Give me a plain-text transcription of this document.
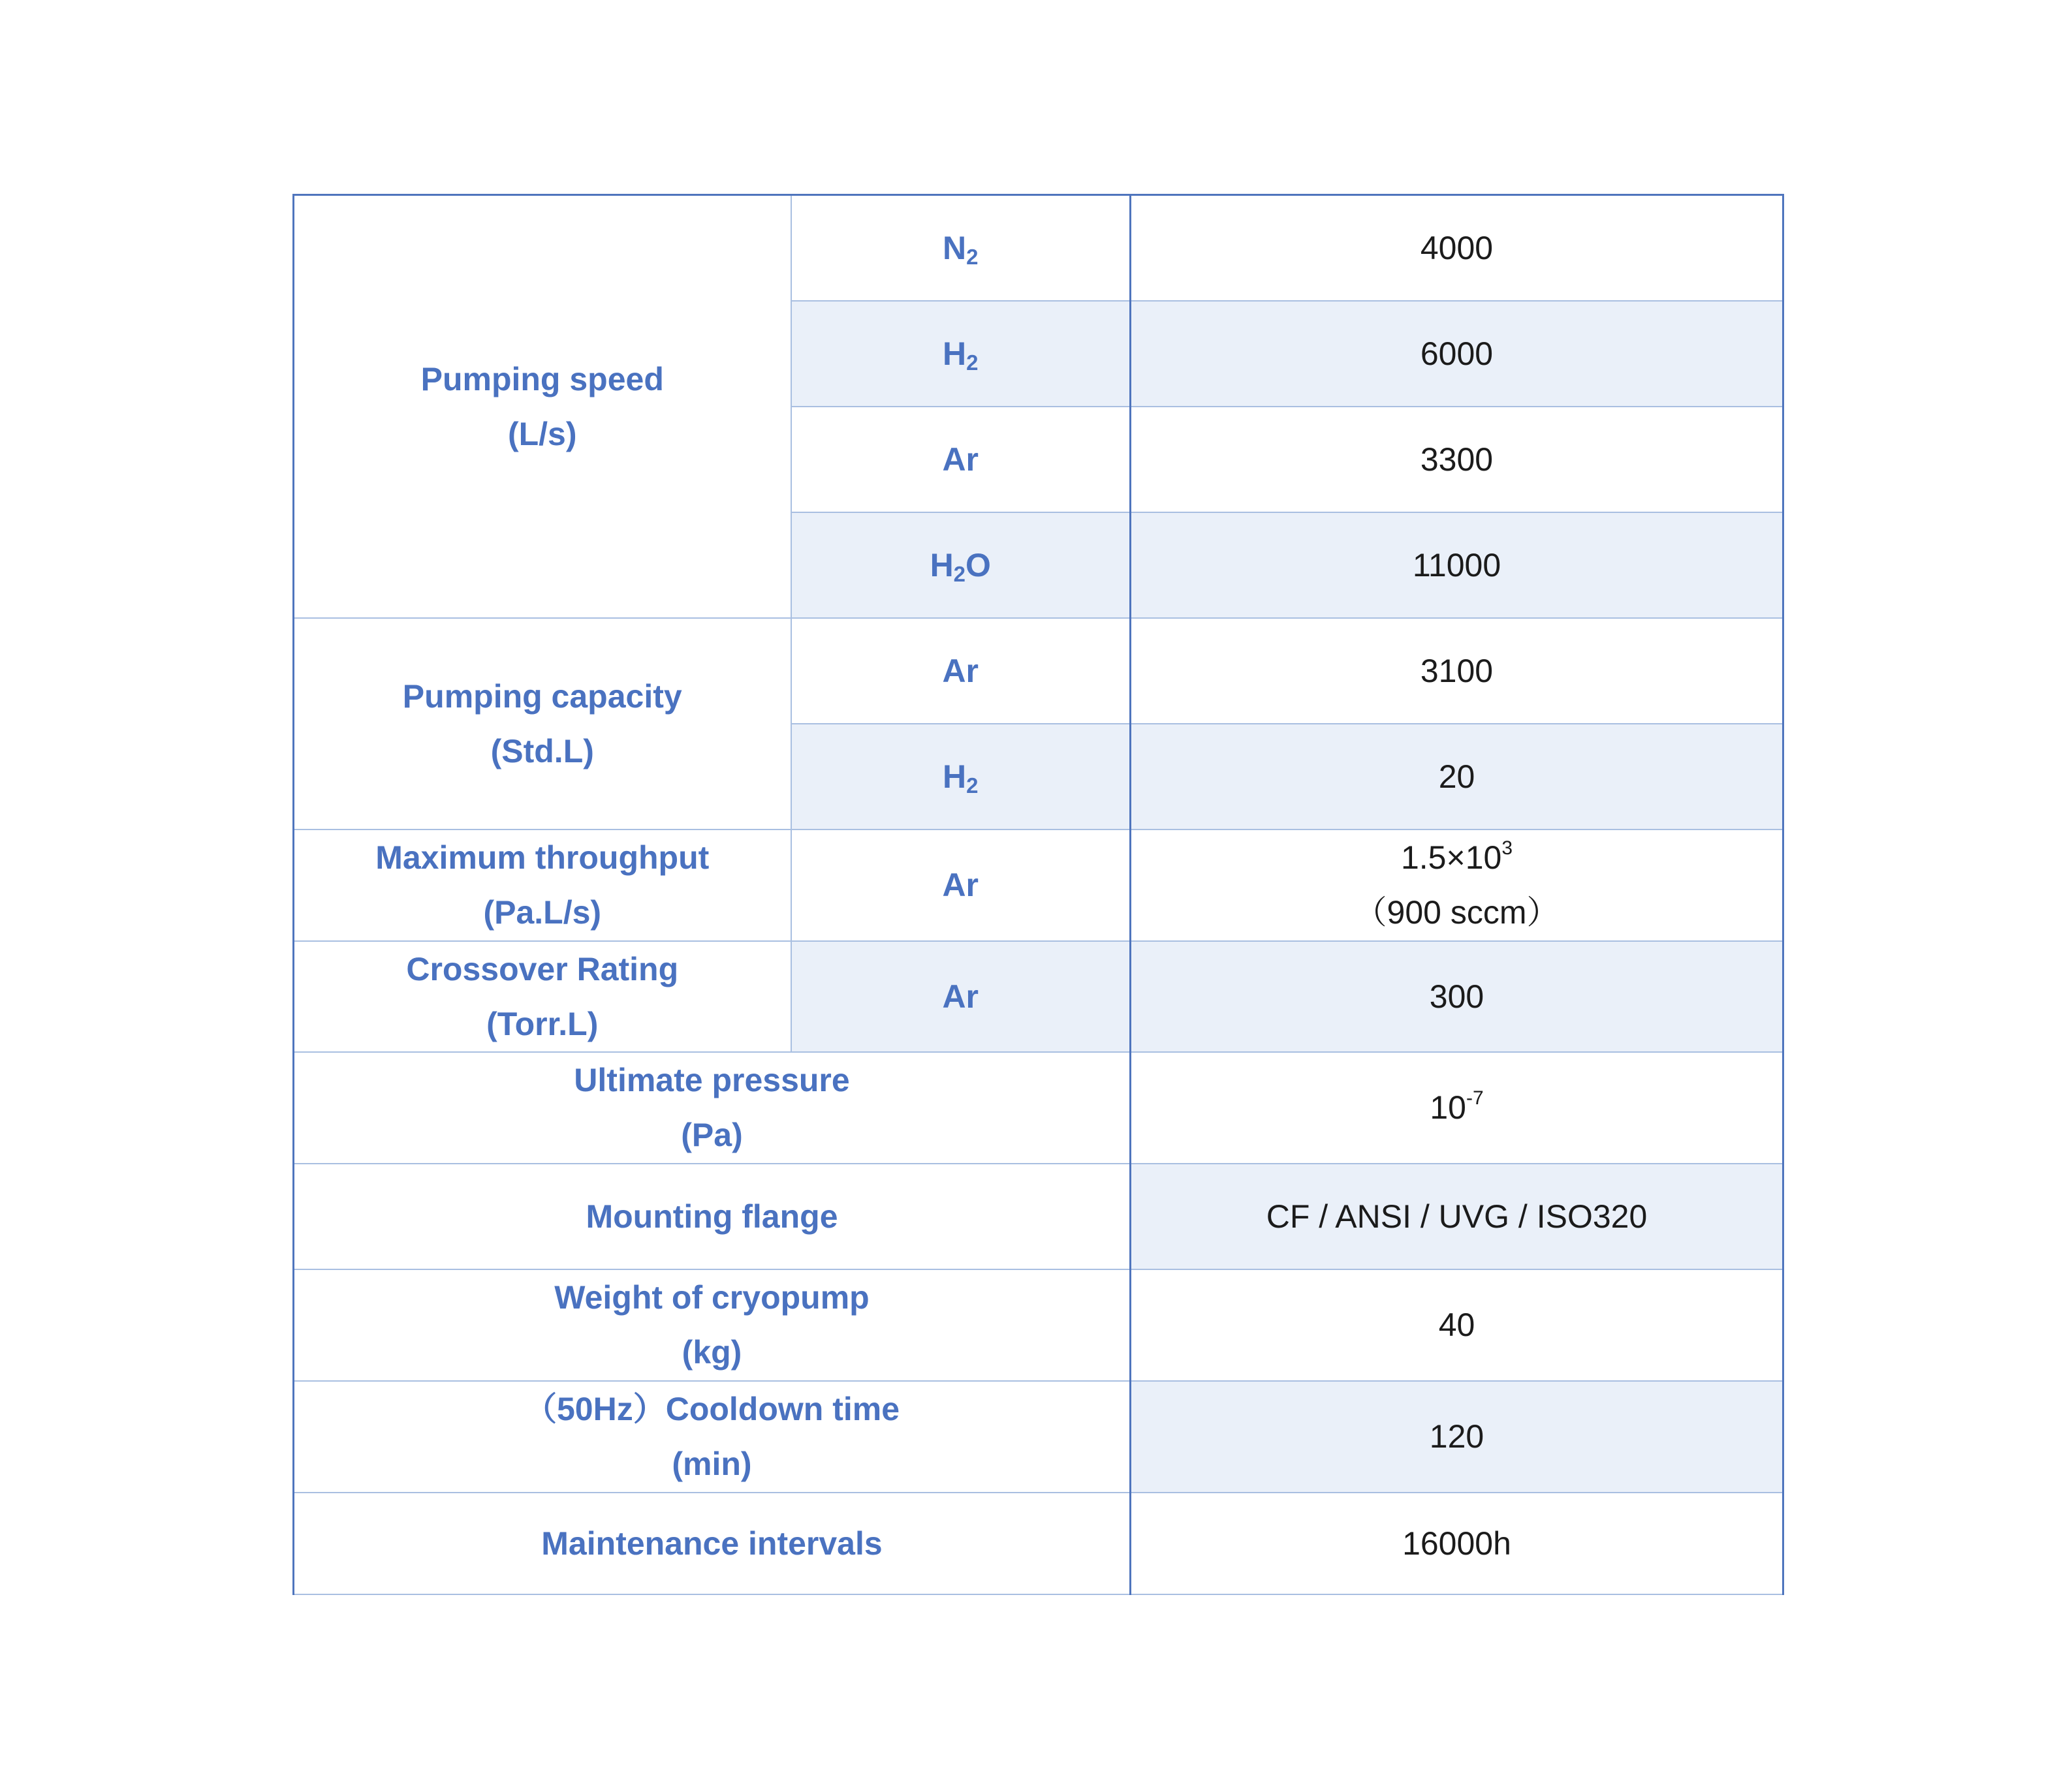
Pumping speed
(L/s)	$N_2$	4000
	$H_2$	6000
	Ar	3300
	$H_2O$	11000

Pumping capacity
(Std.L)	Ar	3100
	$H_2$	20

Maximum throughput
(Pa.L/s)	Ar	$1.5\times 10^3$
（900 sccm）

Crossover Rating
(Torr.L)	Ar	300

Ultimate pressure
(Pa)		$10^{-7}$
Mounting flange		CF / ANSI / UVG / ISO320

Weight of cryopump
(kg)		40

（50Hz）Cooldown time
(min)		120
Maintenance intervals		16000h
